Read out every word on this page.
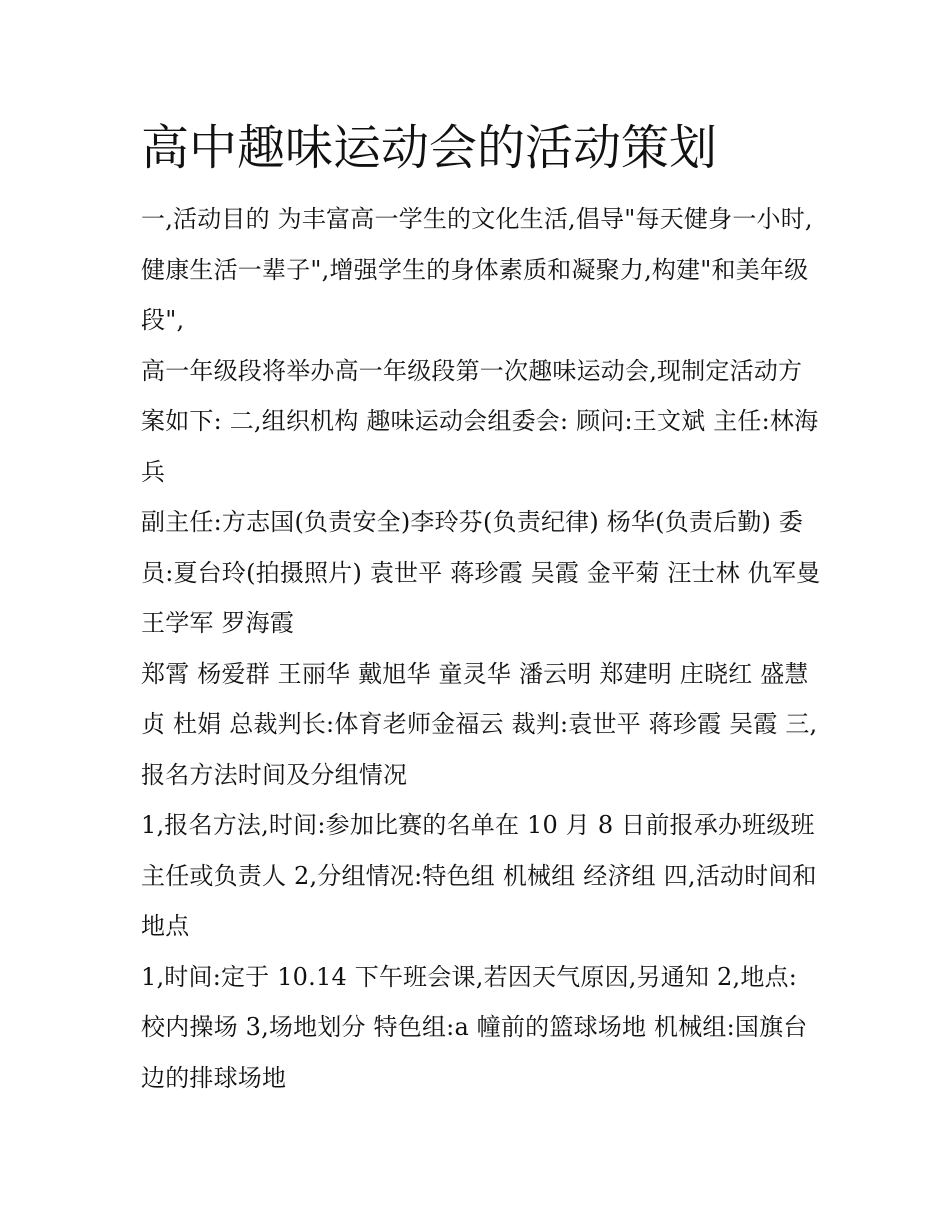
高中趣味运动会的活动策划

一,活动目的 为丰富高一学生的文化生活,倡导"每天健身一小时,健康生活一辈子",增强学生的身体素质和凝聚力,构建"和美年级段",

高一年级段将举办高一年级段第一次趣味运动会,现制定活动方案如下: 二,组织机构 趣味运动会组委会: 顾问:王文斌 主任:林海兵

副主任:方志国(负责安全)李玲芬(负责纪律) 杨华(负责后勤) 委员:夏台玲(拍摄照片) 袁世平 蒋珍霞 吴霞 金平菊 汪士林 仇军曼 王学军 罗海霞

郑霄 杨爱群 王丽华 戴旭华 童灵华 潘云明 郑建明 庄晓红 盛慧贞 杜娟 总裁判长:体育老师金福云 裁判:袁世平 蒋珍霞 吴霞 三,报名方法时间及分组情况

1,报名方法,时间:参加比赛的名单在 10 月 8 日前报承办班级班主任或负责人 2,分组情况:特色组 机械组 经济组 四,活动时间和地点

1,时间:定于 10.14 下午班会课,若因天气原因,另通知 2,地点:校内操场 3,场地划分 特色组:a 幢前的篮球场地 机械组:国旗台边的排球场地
